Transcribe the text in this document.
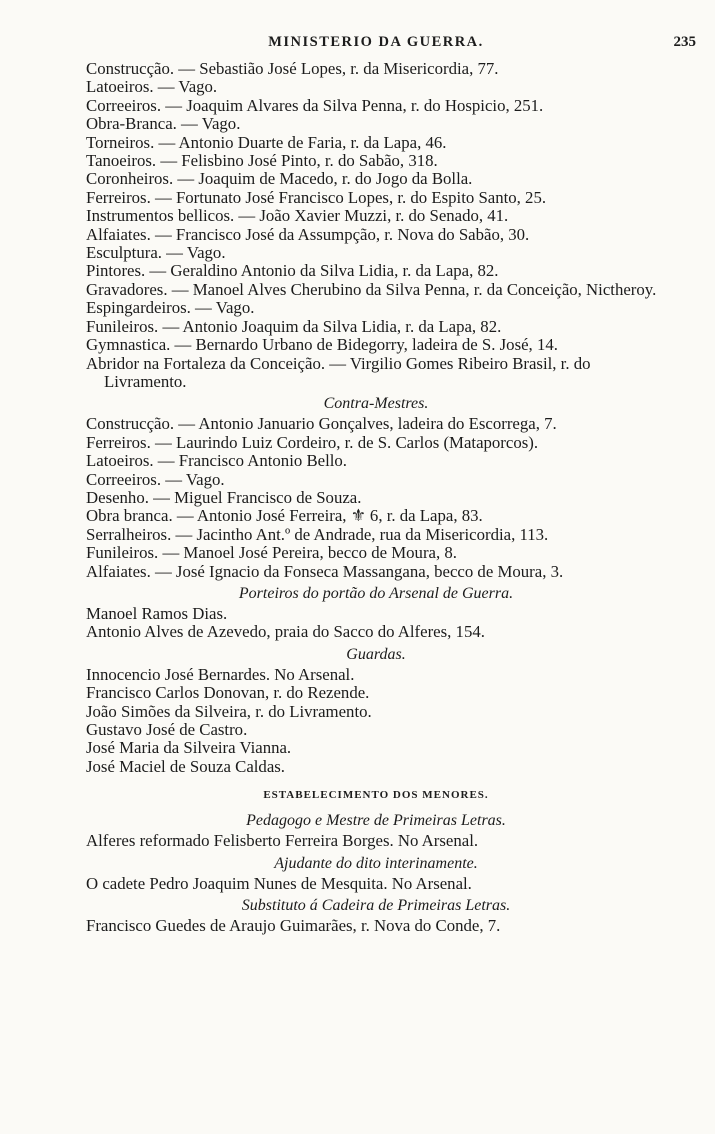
MINISTERIO DA GUERRA.	235
Construcção. — Sebastião José Lopes, r. da Misericordia, 77.
Latoeiros. — Vago.
Correeiros. — Joaquim Alvares da Silva Penna, r. do Hospicio, 251.
Obra-Branca. — Vago.
Torneiros. — Antonio Duarte de Faria, r. da Lapa, 46.
Tanoeiros. — Felisbino José Pinto, r. do Sabão, 318.
Coronheiros. — Joaquim de Macedo, r. do Jogo da Bolla.
Ferreiros. — Fortunato José Francisco Lopes, r. do Espito Santo, 25.
Instrumentos bellicos. — João Xavier Muzzi, r. do Senado, 41.
Alfaiates. — Francisco José da Assumpção, r. Nova do Sabão, 30.
Esculptura. — Vago.
Pintores. — Geraldino Antonio da Silva Lidia, r. da Lapa, 82.
Gravadores. — Manoel Alves Cherubino da Silva Penna, r. da Conceição, Nictheroy.
Espingardeiros. — Vago.
Funileiros. — Antonio Joaquim da Silva Lidia, r. da Lapa, 82.
Gymnastica. — Bernardo Urbano de Bidegorry, ladeira de S. José, 14.
Abridor na Fortaleza da Conceição. — Virgilio Gomes Ribeiro Brasil, r. do Livramento.
Contra-Mestres.
Construcção. — Antonio Januario Gonçalves, ladeira do Escorrega, 7.
Ferreiros. — Laurindo Luiz Cordeiro, r. de S. Carlos (Mataporcos).
Latoeiros. — Francisco Antonio Bello.
Correeiros. — Vago.
Desenho. — Miguel Francisco de Souza.
Obra branca. — Antonio José Ferreira, ⚜ 6, r. da Lapa, 83.
Serralheiros. — Jacintho Ant.º de Andrade, rua da Misericordia, 113.
Funileiros. — Manoel José Pereira, becco de Moura, 8.
Alfaiates. — José Ignacio da Fonseca Massangana, becco de Moura, 3.
Porteiros do portão do Arsenal de Guerra.
Manoel Ramos Dias.
Antonio Alves de Azevedo, praia do Sacco do Alferes, 154.
Guardas.
Innocencio José Bernardes. No Arsenal.
Francisco Carlos Donovan, r. do Rezende.
João Simões da Silveira, r. do Livramento.
Gustavo José de Castro.
José Maria da Silveira Vianna.
José Maciel de Souza Caldas.
ESTABELECIMENTO DOS MENORES.
Pedagogo e Mestre de Primeiras Letras.
Alferes reformado Felisberto Ferreira Borges. No Arsenal.
Ajudante do dito interinamente.
O cadete Pedro Joaquim Nunes de Mesquita. No Arsenal.
Substituto á Cadeira de Primeiras Letras.
Francisco Guedes de Araujo Guimarães, r. Nova do Conde, 7.
